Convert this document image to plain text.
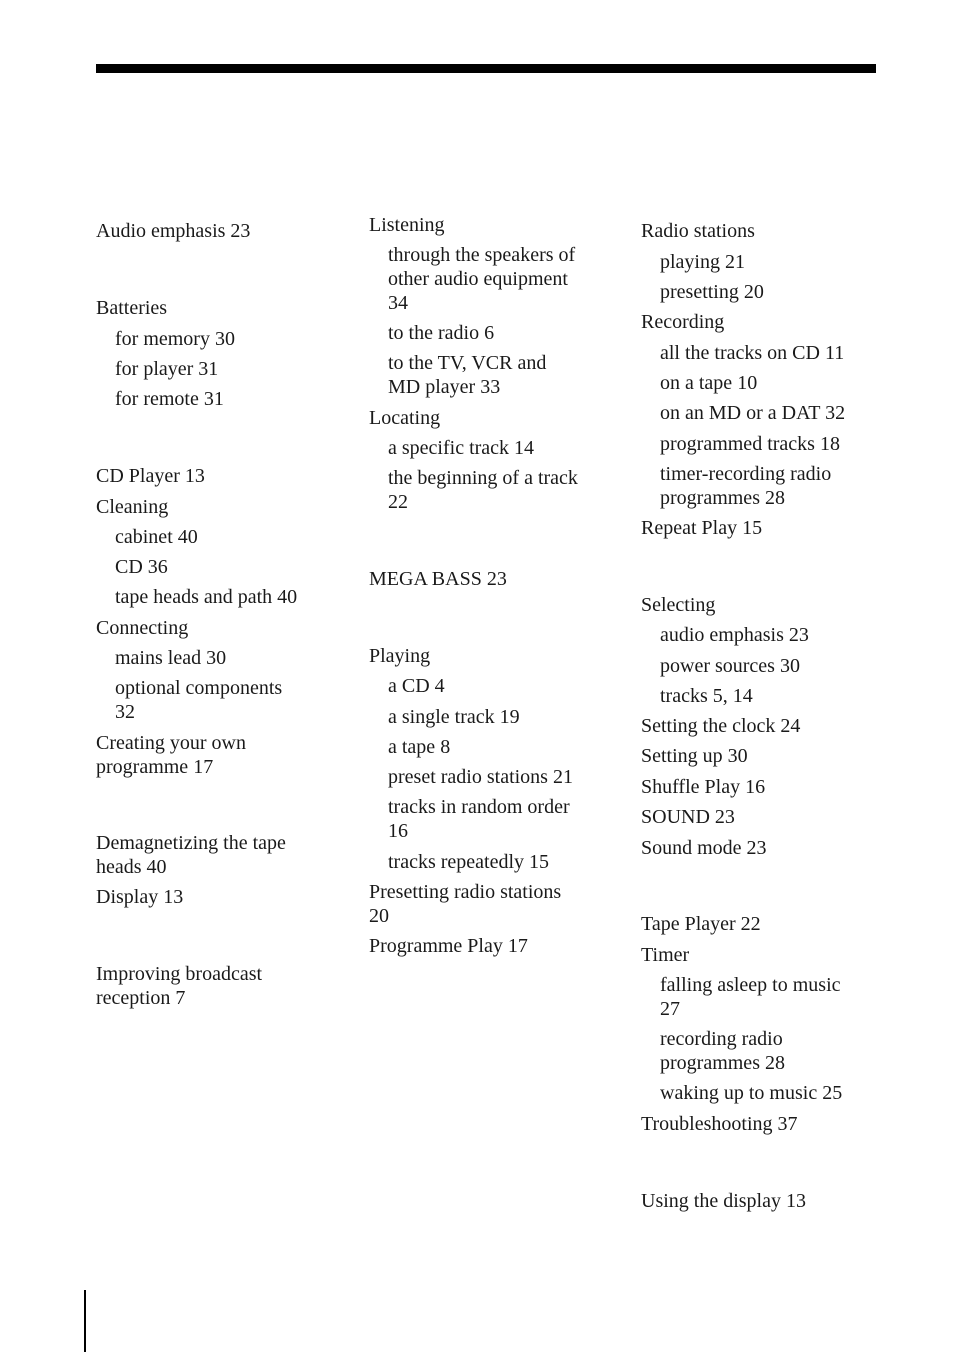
Audio emphasis 23
Batteries
for memory 30
for player 31
for remote 31
CD Player 13
Cleaning
cabinet 40
CD 36
tape heads and path 40
Connecting
mains lead 30
optional components
32
Creating your own
programme 17
Demagnetizing the tape
heads 40
Display 13
Improving broadcast
reception 7
Listening
through the speakers of
other audio equipment
34
to the radio 6
to the TV, VCR and
MD player 33
Locating
a specific track 14
the beginning of a track
22
MEGA BASS 23
Playing
a CD 4
a single track 19
a tape 8
preset radio stations 21
tracks in random order
16
tracks repeatedly 15
Presetting radio stations
20
Programme Play 17
Radio stations
playing 21
presetting 20
Recording
all the tracks on CD 11
on a tape 10
on an MD or a DAT 32
programmed tracks 18
timer-recording radio
programmes 28
Repeat Play 15
Selecting
audio emphasis 23
power sources 30
tracks 5, 14
Setting the clock 24
Setting up 30
Shuffle Play 16
SOUND 23
Sound mode 23
Tape Player 22
Timer
falling asleep to music
27
recording radio
programmes 28
waking up to music 25
Troubleshooting 37
Using the display 13
